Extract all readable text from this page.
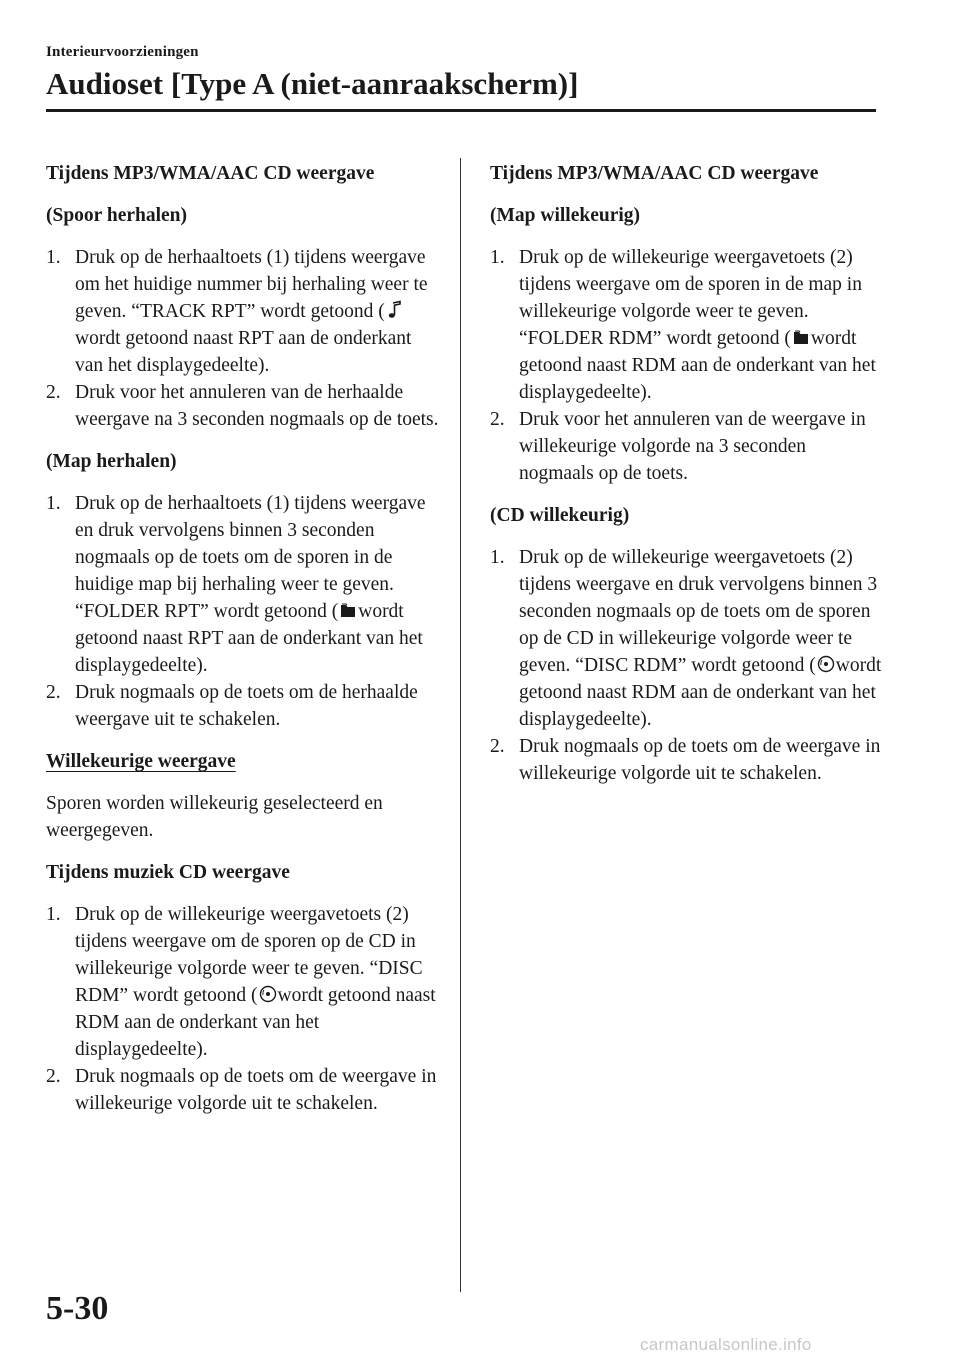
Interieurvoorzieningen
Audioset [Type A (niet-aanraakscherm)]

Tijdens MP3/WMA/AAC CD weergave

(Spoor herhalen)

1. Druk op de herhaaltoets (1) tijdens weergave om het huidige nummer bij herhaling weer te geven. “TRACK RPT” wordt getoond (
wordt getoond naast RPT aan de onderkant van het displaygedeelte).
2. Druk voor het annuleren van de herhaalde weergave na 3 seconden nogmaals op de toets.

(Map herhalen)

1. Druk op de herhaaltoets (1) tijdens weergave en druk vervolgens binnen 3 seconden nogmaals op de toets om de sporen in de huidige map bij herhaling weer te geven. “FOLDER RPT” wordt getoond ( wordt getoond naast RPT aan de onderkant van het displaygedeelte).
2. Druk nogmaals op de toets om de herhaalde weergave uit te schakelen.

Willekeurige weergave

Sporen worden willekeurig geselecteerd en weergegeven.

Tijdens muziek CD weergave

1. Druk op de willekeurige weergavetoets (2) tijdens weergave om de sporen op de CD in willekeurige volgorde weer te geven. “DISC RDM” wordt getoond ( wordt getoond naast RDM aan de onderkant van het displaygedeelte).
2. Druk nogmaals op de toets om de weergave in willekeurige volgorde uit te schakelen.

Tijdens MP3/WMA/AAC CD weergave

(Map willekeurig)

1. Druk op de willekeurige weergavetoets (2) tijdens weergave om de sporen in de map in willekeurige volgorde weer te geven. “FOLDER RDM” wordt getoond ( wordt getoond naast RDM aan de onderkant van het displaygedeelte).
2. Druk voor het annuleren van de weergave in willekeurige volgorde na 3 seconden nogmaals op de toets.

(CD willekeurig)

1. Druk op de willekeurige weergavetoets (2) tijdens weergave en druk vervolgens binnen 3 seconden nogmaals op de toets om de sporen op de CD in willekeurige volgorde weer te geven. “DISC RDM” wordt getoond ( wordt getoond naast RDM aan de onderkant van het displaygedeelte).
2. Druk nogmaals op de toets om de weergave in willekeurige volgorde uit te schakelen.
5-30
carmanualsonline.info
